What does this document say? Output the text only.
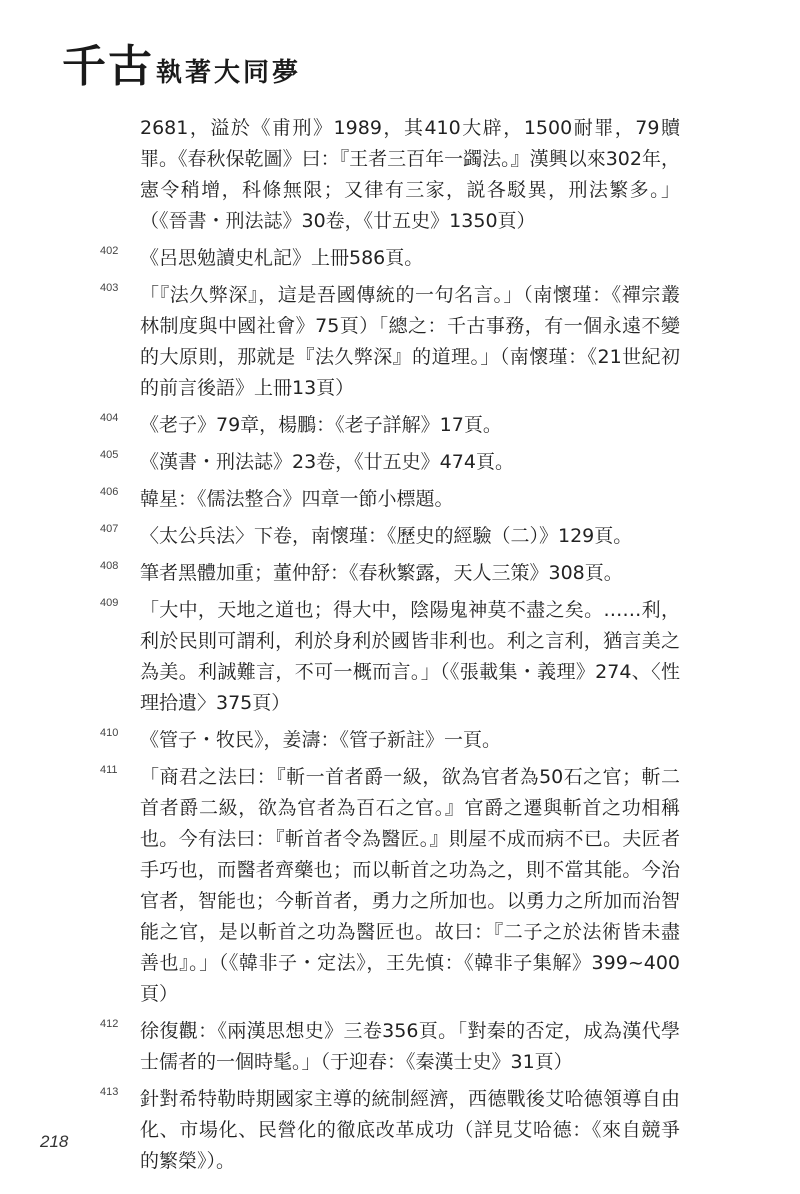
千古執著大同夢

2681，溢於《甫刑》1989，其410大辟，1500耐罪，79贖罪。《春秋保乾圖》曰：『王者三百年一蠲法。』漢興以來302年，憲令稍增，科條無限；又律有三家，説各駁異，刑法繁多。」（《晉書・刑法誌》30卷，《廿五史》1350頁）

402	《呂思勉讀史札記》上冊586頁。

403	「『法久弊深』，這是吾國傳統的一句名言。」（南懷瑾：《禪宗叢林制度與中國社會》75頁）「總之：千古事務，有一個永遠不變的大原則，那就是『法久弊深』的道理。」（南懷瑾：《21世紀初的前言後語》上冊13頁）

404	《老子》79章，楊鵬：《老子詳解》17頁。

405	《漢書・刑法誌》23卷，《廿五史》474頁。

406	韓星：《儒法整合》四章一節小標題。

407	〈太公兵法〉下卷，南懷瑾：《歷史的經驗（二）》129頁。

408	筆者黑體加重；董仲舒：《春秋繁露，天人三策》308頁。

409	「大中，天地之道也；得大中，陰陽鬼神莫不盡之矣。……利，利於民則可謂利，利於身利於國皆非利也。利之言利，猶言美之為美。利誠難言，不可一概而言。」（《張載集・義理》274、〈性理拾遺〉375頁）

410	《管子・牧民》，姜濤：《管子新註》一頁。

411	「商君之法曰：『斬一首者爵一級，欲為官者為50石之官；斬二首者爵二級，欲為官者為百石之官。』官爵之遷與斬首之功相稱也。今有法曰：『斬首者令為醫匠。』則屋不成而病不已。夫匠者手巧也，而醫者齊藥也；而以斬首之功為之，則不當其能。今治官者，智能也；今斬首者，勇力之所加也。以勇力之所加而治智能之官，是以斬首之功為醫匠也。故曰：『二子之於法術皆未盡善也』。」（《韓非子・定法》，王先慎：《韓非子集解》399~400頁）

412	徐復觀：《兩漢思想史》三卷356頁。「對秦的否定，成為漢代學士儒者的一個時髦。」（于迎春：《秦漢士史》31頁）

413	針對希特勒時期國家主導的統制經濟，西德戰後艾哈德領導自由化、市場化、民營化的徹底改革成功（詳見艾哈德：《來自競爭的繁榮》）。

218
